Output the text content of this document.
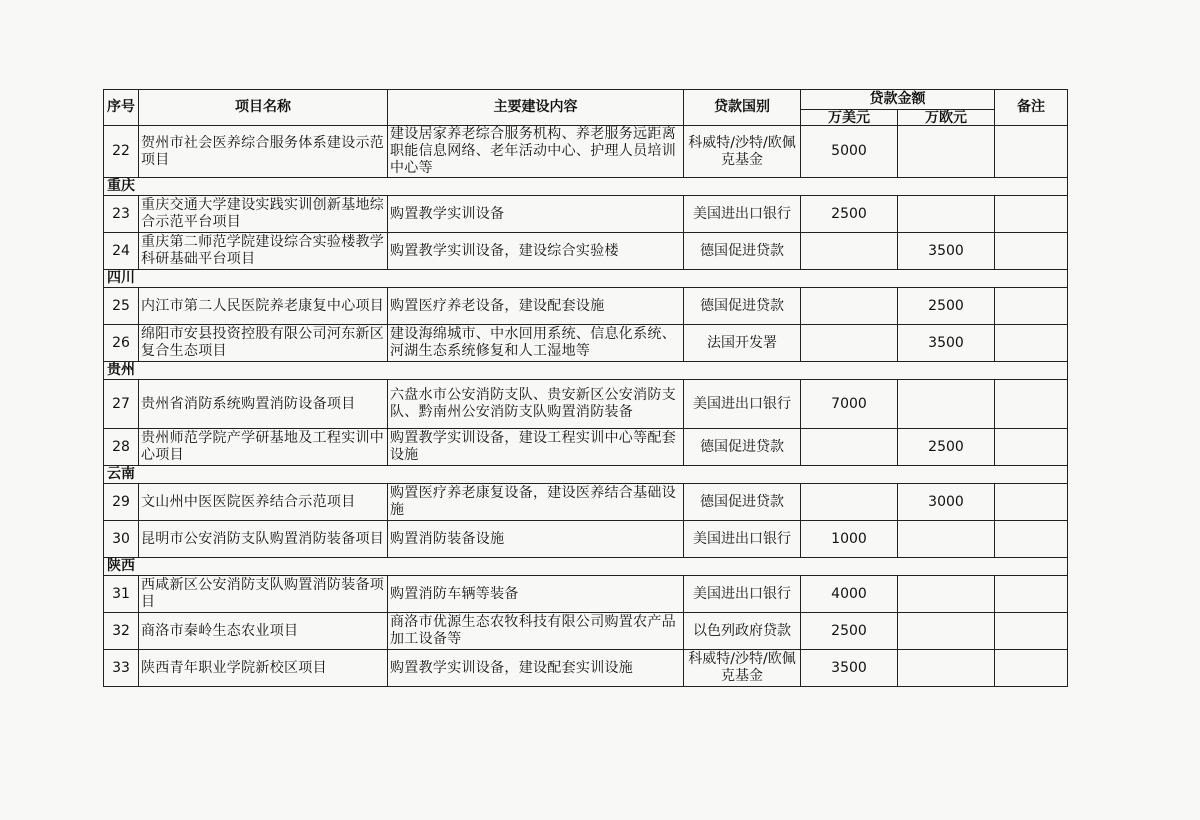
序号	项目名称	主要建设内容	贷款国别	贷款金额		备注
				万美元	万欧元	
22	贺州市社会医养综合服务体系建设示范项目	建设居家养老综合服务机构、养老服务远距离职能信息网络、老年活动中心、护理人员培训中心等	科威特/沙特/欧佩克基金	5000		
重庆						
23	重庆交通大学建设实践实训创新基地综合示范平台项目	购置教学实训设备	美国进出口银行	2500		
24	重庆第二师范学院建设综合实验楼教学科研基础平台项目	购置教学实训设备，建设综合实验楼	德国促进贷款		3500	
四川						
25	内江市第二人民医院养老康复中心项目	购置医疗养老设备，建设配套设施	德国促进贷款		2500	
26	绵阳市安县投资控股有限公司河东新区复合生态项目	建设海绵城市、中水回用系统、信息化系统、河湖生态系统修复和人工湿地等	法国开发署		3500	
贵州						
27	贵州省消防系统购置消防设备项目	六盘水市公安消防支队、贵安新区公安消防支队、黔南州公安消防支队购置消防装备	美国进出口银行	7000		
28	贵州师范学院产学研基地及工程实训中心项目	购置教学实训设备，建设工程实训中心等配套设施	德国促进贷款		2500	
云南						
29	文山州中医医院医养结合示范项目	购置医疗养老康复设备，建设医养结合基础设施	德国促进贷款		3000	
30	昆明市公安消防支队购置消防装备项目	购置消防装备设施	美国进出口银行	1000		
陕西						
31	西咸新区公安消防支队购置消防装备项目	购置消防车辆等装备	美国进出口银行	4000		
32	商洛市秦岭生态农业项目	商洛市优源生态农牧科技有限公司购置农产品加工设备等	以色列政府贷款	2500		
33	陕西青年职业学院新校区项目	购置教学实训设备，建设配套实训设施	科威特/沙特/欧佩克基金	3500		
